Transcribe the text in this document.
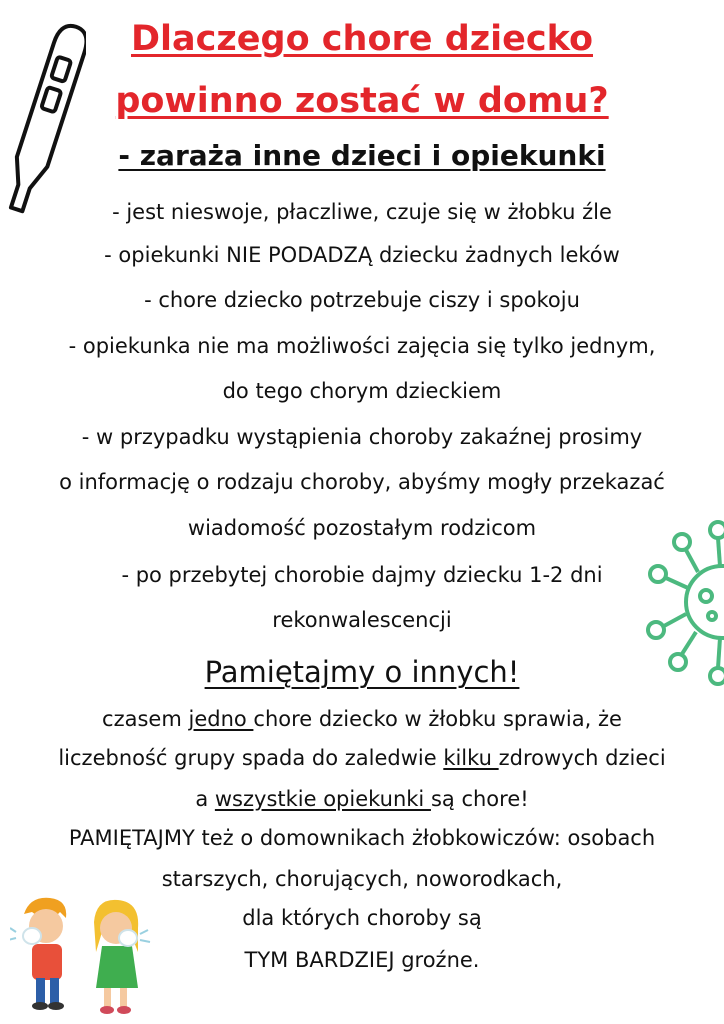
Dlaczego chore dziecko
powinno zostać w domu?
- zaraża inne dzieci i opiekunki
- jest nieswoje, płaczliwe, czuje się w żłobku źle
- opiekunki NIE PODADZĄ dziecku żadnych leków
- chore dziecko potrzebuje ciszy i spokoju
- opiekunka nie ma możliwości zajęcia się tylko jednym,
do tego chorym dzieckiem
- w przypadku wystąpienia choroby zakaźnej prosimy
o informację o rodzaju choroby, abyśmy mogły przekazać
wiadomość pozostałym rodzicom
- po przebytej chorobie dajmy dziecku 1-2 dni
rekonwalescencji
Pamiętajmy o innych!
czasem jedno chore dziecko w żłobku sprawia, że
liczebność grupy spada do zaledwie kilku zdrowych dzieci
a wszystkie opiekunki są chore!
PAMIĘTAJMY też o domownikach żłobkowiczów: osobach
starszych, chorujących, noworodkach,
dla których choroby są
TYM BARDZIEJ groźne.
